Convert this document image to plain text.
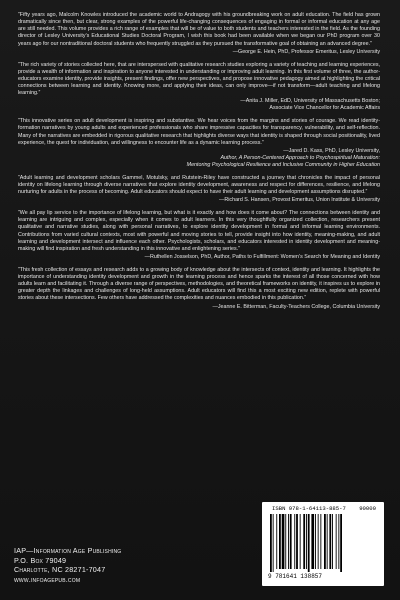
“Fifty years ago, Malcolm Knowles introduced the academic world to Andragogy with his groundbreaking work on adult education. The field has grown dramatically since then, but clear, strong examples of the powerful life-changing consequences of engaging in formal or informal education at any age are still needed. This volume provides a rich range of examples that will be of value to both students and teachers interested in the field. As the founding director of Lesley University’s Educational Studies Doctoral Program, I wish this book had been available when we began our PhD program over 30 years ago for our nontraditional doctoral students who frequently struggled as they pursued the transformative goal of obtaining an advanced degree.”

—George E. Hein, PhD, Professor Emeritus, Lesley University

“The rich variety of stories collected here, that are interspersed with qualitative research studies exploring a variety of teaching and learning experiences, provide a wealth of information and inspiration to anyone interested in understanding or improving adult learning. In this first volume of three, the author-educators examine identity, provide insights, present findings, offer new perspectives, and propose innovative pedagogy aimed at highlighting the critical connections between learning and identity. Knowing more, and applying their ideas, can only improve—if not transform—adult teaching and lifelong learning.”

—Anita J. Miller, EdD, University of Massachusetts Boston;
Associate Vice Chancellor for Academic Affairs

“This innovative series on adult development is inspiring and substantive. We hear voices from the margins and stories of courage. We read identity-formation narratives by young adults and experienced professionals who share impressive capacities for transparency, vulnerability, and self-reflection. Many of the narratives are embedded in rigorous qualitative research that highlights diverse ways that identity is shaped through social positionality, lived experience, the quest for individuation, and willingness to encounter life as a dynamic learning process.”

—Jared D. Kass, PhD, Lesley University,
Author, A Person-Centered Approach to Psychospiritual Maturation:
Mentoring Psychological Resilience and Inclusive Community in Higher Education

“Adult learning and development scholars Gammel, Motulsky, and Rutstein-Riley have constructed a journey that chronicles the impact of personal identity on lifelong learning through diverse narratives that explore identity development, awareness and respect for differences, resilience, and lifelong nurturing for adults in the process of becoming. Adult educators should expect to have their adult learning and development assumptions disrupted.”

—Richard S. Hansen, Provost Emeritus, Union Institute & University

“We all pay lip service to the importance of lifelong learning, but what is it exactly and how does it come about? The connections between identity and learning are intriguing and complex, especially when it comes to adult learners. In this very thoughtfully organized collection, researchers present qualitative and narrative studies, along with personal narratives, to explore identity development in formal and informal learning environments. Contributions from varied cultural contexts, most with powerful and moving stories to tell, provide insight into how identity, meaning-making, and adult learning and development intersect and influence each other. Psychologists, scholars, and educators interested in identity development and meaning-making will find inspiration and fresh understanding in this innovative and enlightening series.”

—Ruthellen Josselson, PhD, Author, Paths to Fulfillment: Women’s Search for Meaning and Identity

“This fresh collection of essays and research adds to a growing body of knowledge about the intersects of context, identity and learning. It highlights the importance of understanding identity development and growth in the learning process and hence sparks the interest of all those concerned with how adults learn and facilitating it. Through a diverse range of perspectives, methodologies, and theoretical frameworks on identity, it inspires us to explore in greater depth the linkages and challenges of long-held assumptions. Adult educators will find this a most exciting new edition, replete with powerful stories about these intersections. Few others have addressed the complexities and nuances embodied in this publication.”

—Jeanne E. Bitterman, Faculty-Teachers College, Columbia University

IAP—Information Age Publishing
P.O. Box 79049
Charlotte, NC 28271-7047
www.infoagepub.com
ISBN 978-1-64113-885-7 90000
9 781641 138857
